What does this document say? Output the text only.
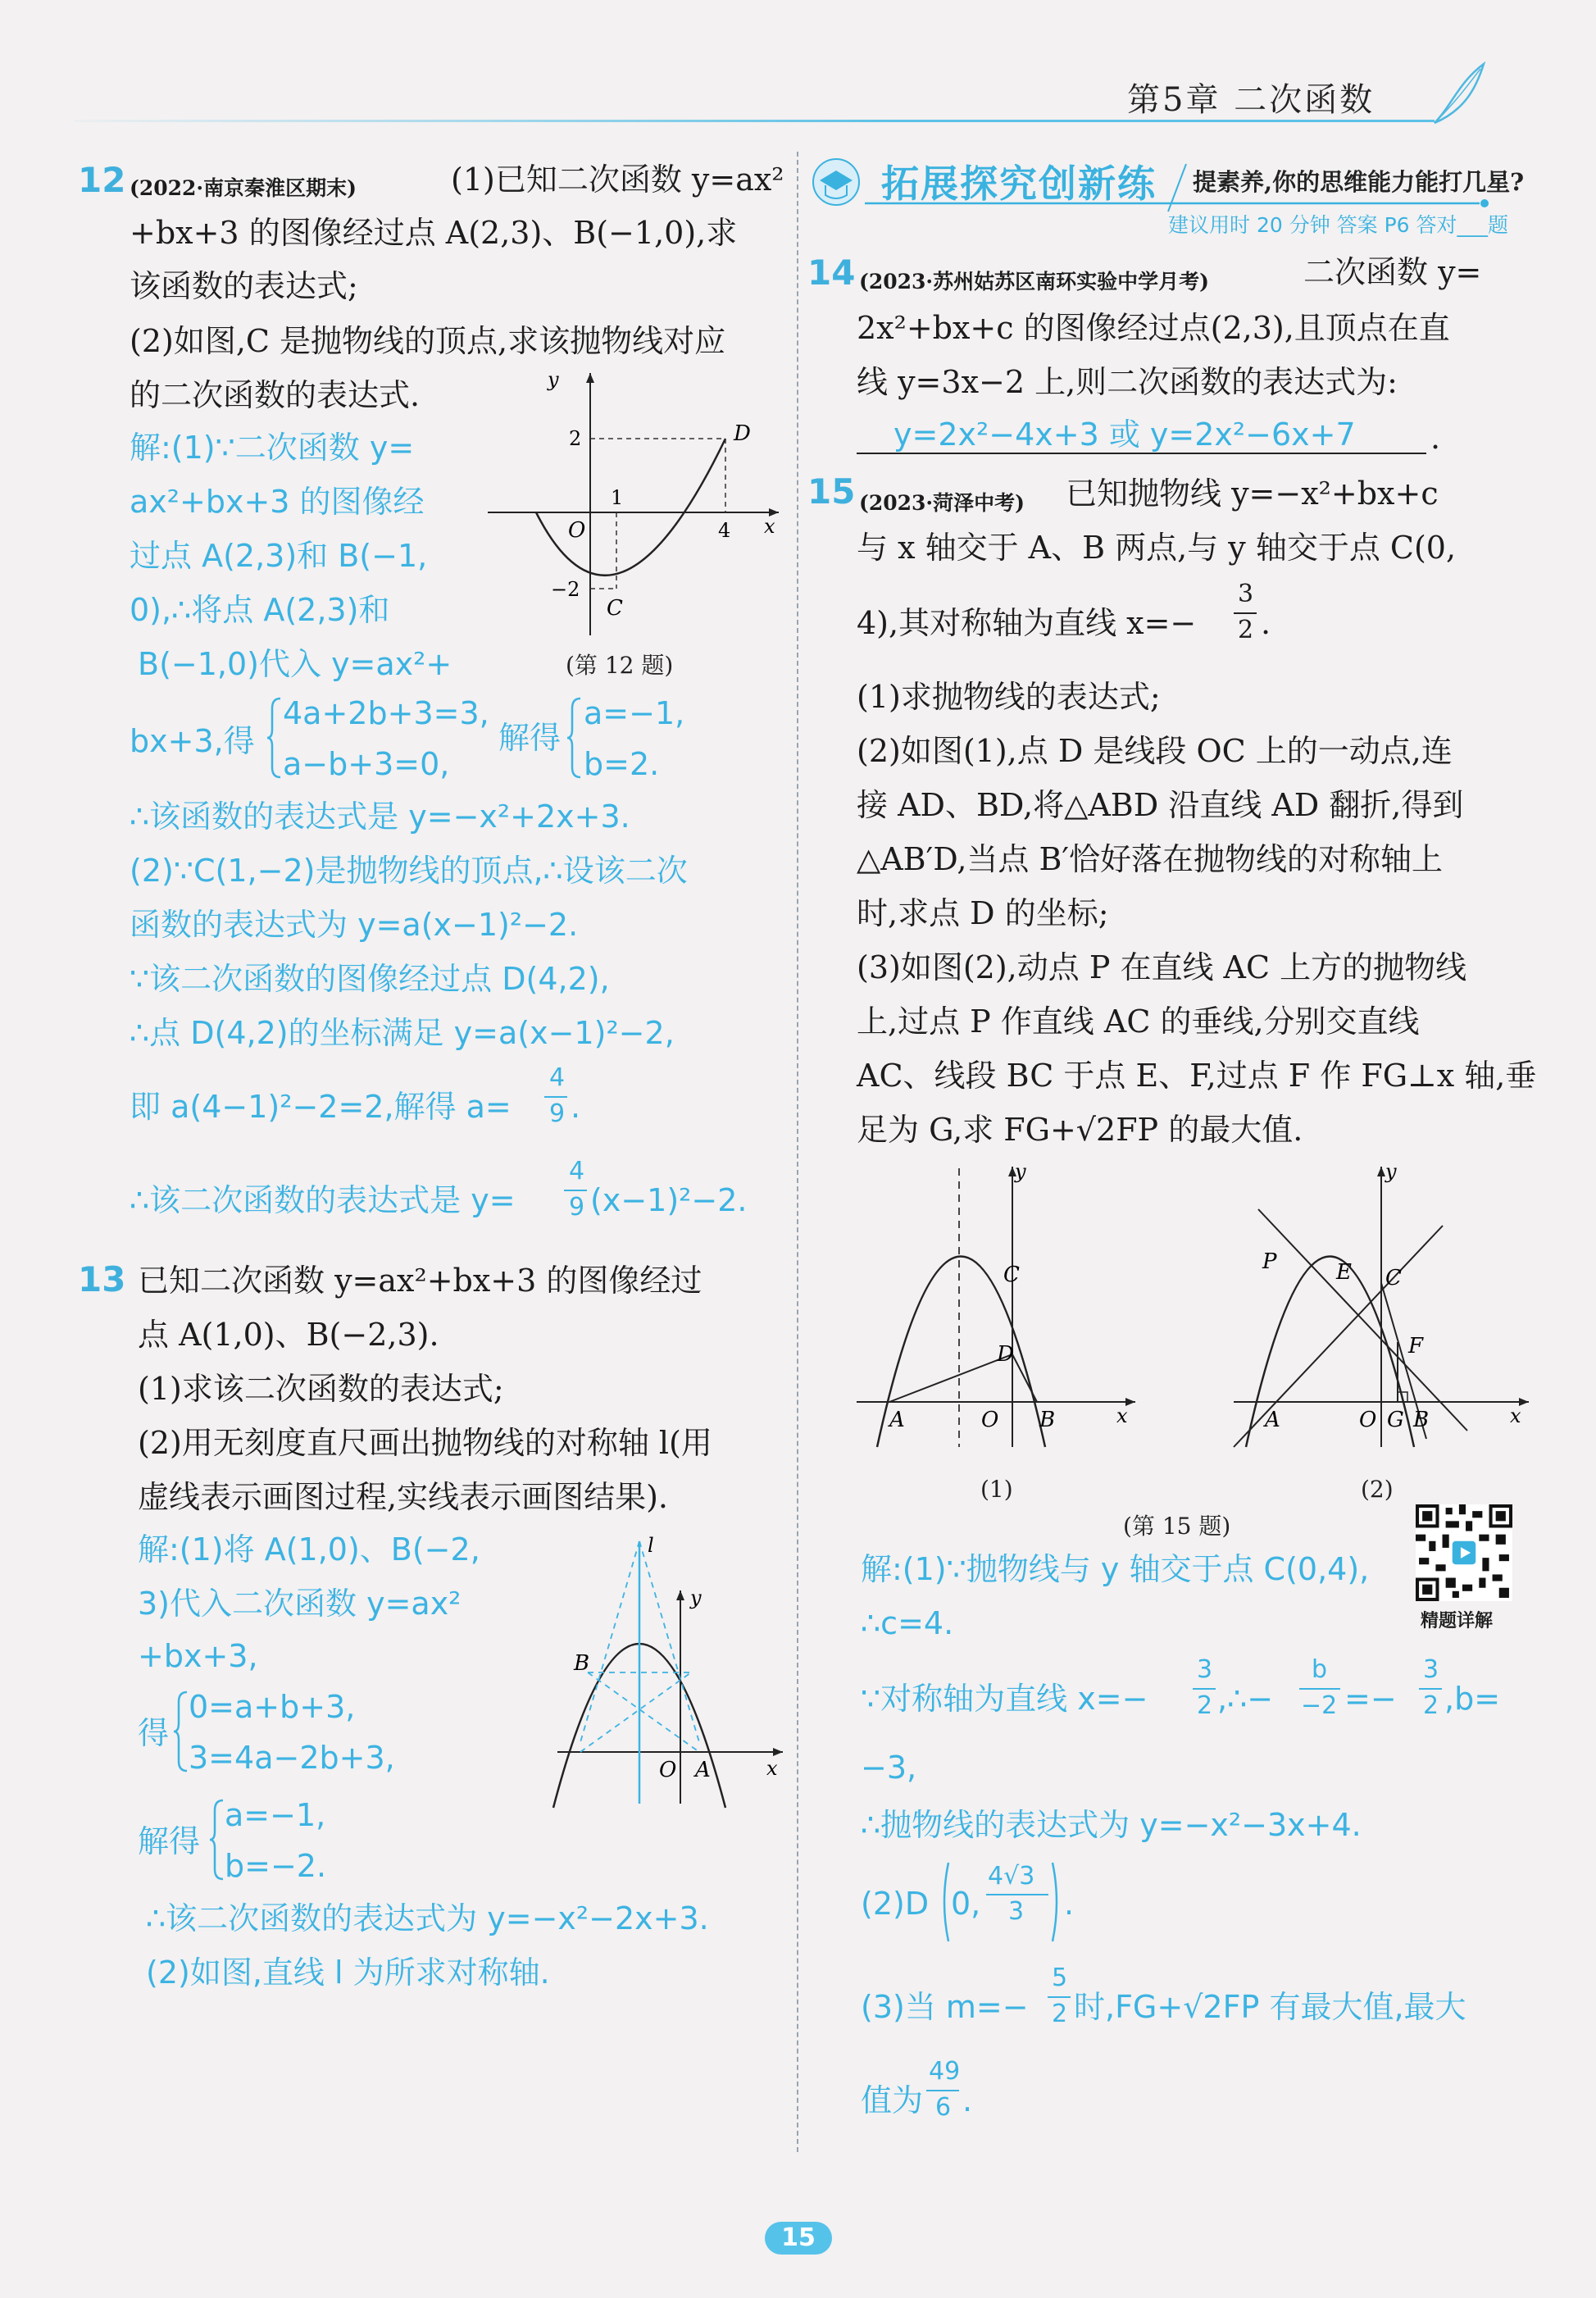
第5章 二次函数
12 (2022·南京秦淮区期末)	(1)已知二次函数 y=ax²
+bx+3 的图像经过点 A(2,3)、B(−1,0),求
该函数的表达式;
(2)如图,C 是抛物线的顶点,求该抛物线对应
的二次函数的表达式.	y
x
O
1
4
2
−2
C
D
(第 12 题)
解:(1)∵二次函数 y=
ax²+bx+3 的图像经
过点 A(2,3)和 B(−1,
0),∴将点 A(2,3)和
B(−1,0)代入 y=ax²+
bx+3,得
4a+2b+3=3,
a−b+3=0,
解得
a=−1,
b=2.
∴该函数的表达式是 y=−x²+2x+3.
(2)∵C(1,−2)是抛物线的顶点,∴设该二次
函数的表达式为 y=a(x−1)²−2.
∵该二次函数的图像经过点 D(4,2),
∴点 D(4,2)的坐标满足 y=a(x−1)²−2,
即 a(4−1)²−2=2,解得 a=
4
9 .
∴该二次函数的表达式是 y=
4
9 (x−1)²−2.
13 已知二次函数 y=ax²+bx+3 的图像经过
点 A(1,0)、B(−2,3).
(1)求该二次函数的表达式;
(2)用无刻度直尺画出抛物线的对称轴 l(用
虚线表示画图过程,实线表示画图结果).
解:(1)将 A(1,0)、B(−2,
3)代入二次函数 y=ax²
+bx+3,
得
0=a+b+3,
3=4a−2b+3,
解得
a=−1,
b=−2.
∴该二次函数的表达式为 y=−x²−2x+3.
(2)如图,直线 l 为所求对称轴.
l
y
x
O A
B
拓展探究创新练 提素养,你的思维能力能打几星?
建议用时 20 分钟 答案 P6 答对___题
14 (2023·苏州姑苏区南环实验中学月考)	二次函数 y=
2x²+bx+c 的图像经过点(2,3),且顶点在直
线 y=3x−2 上,则二次函数的表达式为:
y=2x²−4x+3 或 y=2x²−6x+7 .
15 (2023·菏泽中考) 已知抛物线 y=−x²+bx+c
与 x 轴交于 A、B 两点,与 y 轴交于点 C(0,
4),其对称轴为直线 x=−
3
2 .
(1)求抛物线的表达式;
(2)如图(1),点 D 是线段 OC 上的一动点,连
接 AD、BD,将△ABD 沿直线 AD 翻折,得到
△AB′D,当点 B′恰好落在抛物线的对称轴上
时,求点 D 的坐标;
(3)如图(2),动点 P 在直线 AC 上方的抛物线
上,过点 P 作直线 AC 的垂线,分别交直线
AC、线段 BC 于点 E、F,过点 F 作 FG⊥x 轴,垂
足为 G,求 FG+√2FP 的最大值.
y
x
A	O B
C
D
(1)
y
x
A	O G B
C
E
P
F
(2)
(第 15 题)
精题详解
解:(1)∵抛物线与 y 轴交于点 C(0,4),
∴c=4.
∵对称轴为直线 x=−
3
2 ,∴−
b
−2 =−
3
2 ,b=
−3,
∴抛物线的表达式为 y=−x²−3x+4.
(2)D 0,
4√3
3 .
(3)当 m=−
5
2 时,FG+√2FP 有最大值,最大
值为
49
6 .
15
